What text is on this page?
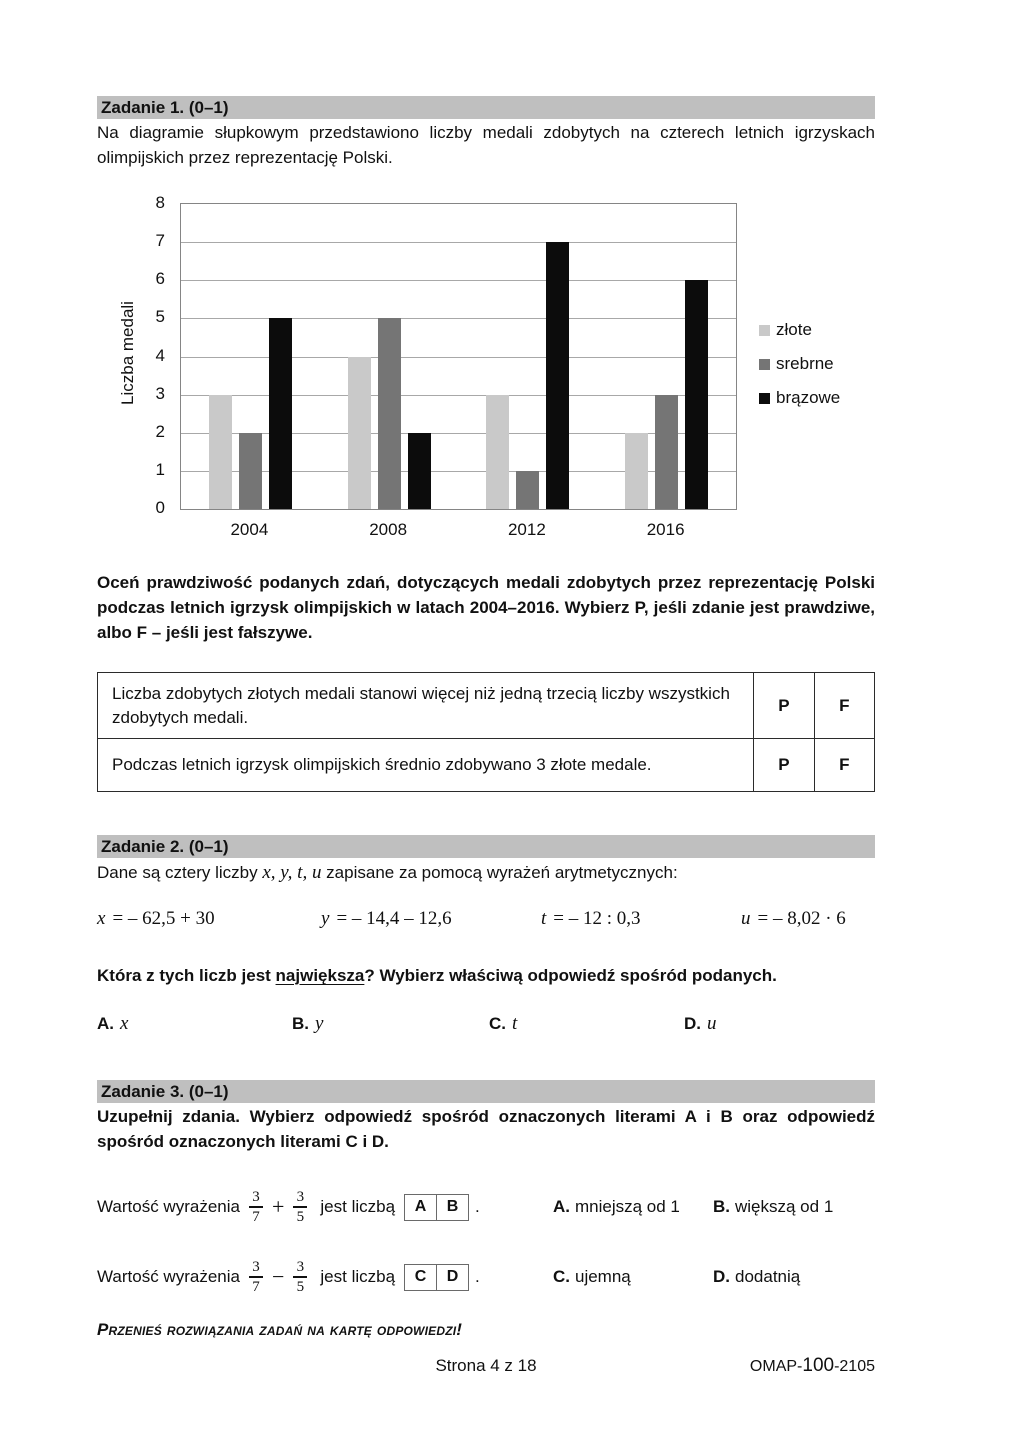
Zadanie 1. (0–1)
Na diagramie słupkowym przedstawiono liczby medali zdobytych na czterech letnich igrzyskach olimpijskich przez reprezentację Polski.
Liczba medali
0
1
2
3
4
5
6
7
8
2004	2008	2012	2016
złote
srebrne
brązowe
Oceń prawdziwość podanych zdań, dotyczących medali zdobytych przez reprezentację Polski podczas letnich igrzysk olimpijskich w latach 2004–2016. Wybierz P, jeśli zdanie jest prawdziwe, albo F – jeśli jest fałszywe.
Liczba zdobytych złotych medali stanowi więcej niż jedną trzecią liczby wszystkich zdobytych medali.	P	F
Podczas letnich igrzysk olimpijskich średnio zdobywano 3 złote medale.	P	F
Zadanie 2. (0–1)
Dane są cztery liczby x, y, t, u zapisane za pomocą wyrażeń arytmetycznych:
x = – 62,5 + 30	y = – 14,4 – 12,6	t = – 12 : 0,3	u = – 8,02 · 6
Która z tych liczb jest największa? Wybierz właściwą odpowiedź spośród podanych.
A. x	B. y	C. t	D. u
Zadanie 3. (0–1)
Uzupełnij zdania. Wybierz odpowiedź spośród oznaczonych literami A i B oraz odpowiedź spośród oznaczonych literami C i D.
Wartość wyrażenia $\frac{3}{7} + \frac{3}{5}$ jest liczbą	A	B .	A. mniejszą od 1 B. większą od 1
Wartość wyrażenia $\frac{3}{7} - \frac{3}{5}$ jest liczbą	C	D .	C. ujemną	D. dodatnią
Przenieś rozwiązania zadań na kartę odpowiedzi!
Strona 4 z 18	OMAP-100-2105
